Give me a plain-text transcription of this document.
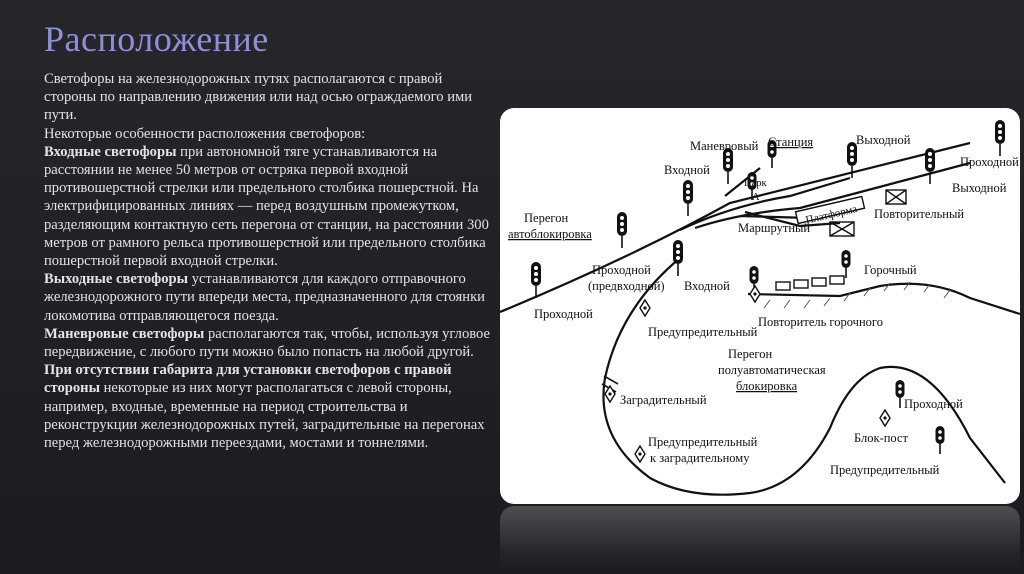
Расположение

Светофоры на железнодорожных путях располагаются с правой стороны по направлению движения или над осью ограждаемого ими пути.

Некоторые особенности расположения светофоров:

Входные светофоры при автономной тяге устанавливаются на расстоянии не менее 50 метров от остряка первой входной противошерстной стрелки или предельного столбика пошерстной. На электрифицированных линиях — перед воздушным промежутком, разделяющим контактную сеть перегона от станции, на расстоянии 300 метров от рамного рельса противошерстной или предельного столбика пошерстной первой входной стрелки.

Выходные светофоры устанавливаются для каждого отправочного железнодорожного пути впереди места, предназначенного для стоянки локомотива отправляющегося поезда.

Маневровые светофоры располагаются так, чтобы, используя угловое передвижение, с любого пути можно было попасть на любой другой.

При отсутствии габарита для установки светофоров с правой стороны некоторые из них могут располагаться с левой стороны, например, входные, временные на период строительства и реконструкции железнодорожных путей, заградительные на перегонах перед железнодорожными переездами, мостами и тоннелями.

Платформа
Маневровый Станция	Выходной
Проходной
Входной
Парк
А
Выходной
Повторительный
Перегон
автоблокировка	Маршрутный
Проходной
(предвходной) Входной
Горочный
Проходной
Предупредительный
Повторитель горочного
Перегон
полуавтоматическая
блокировка
Заградительный	Проходной
Блок-пост
Предупредительный
к заградительному
Предупредительный
